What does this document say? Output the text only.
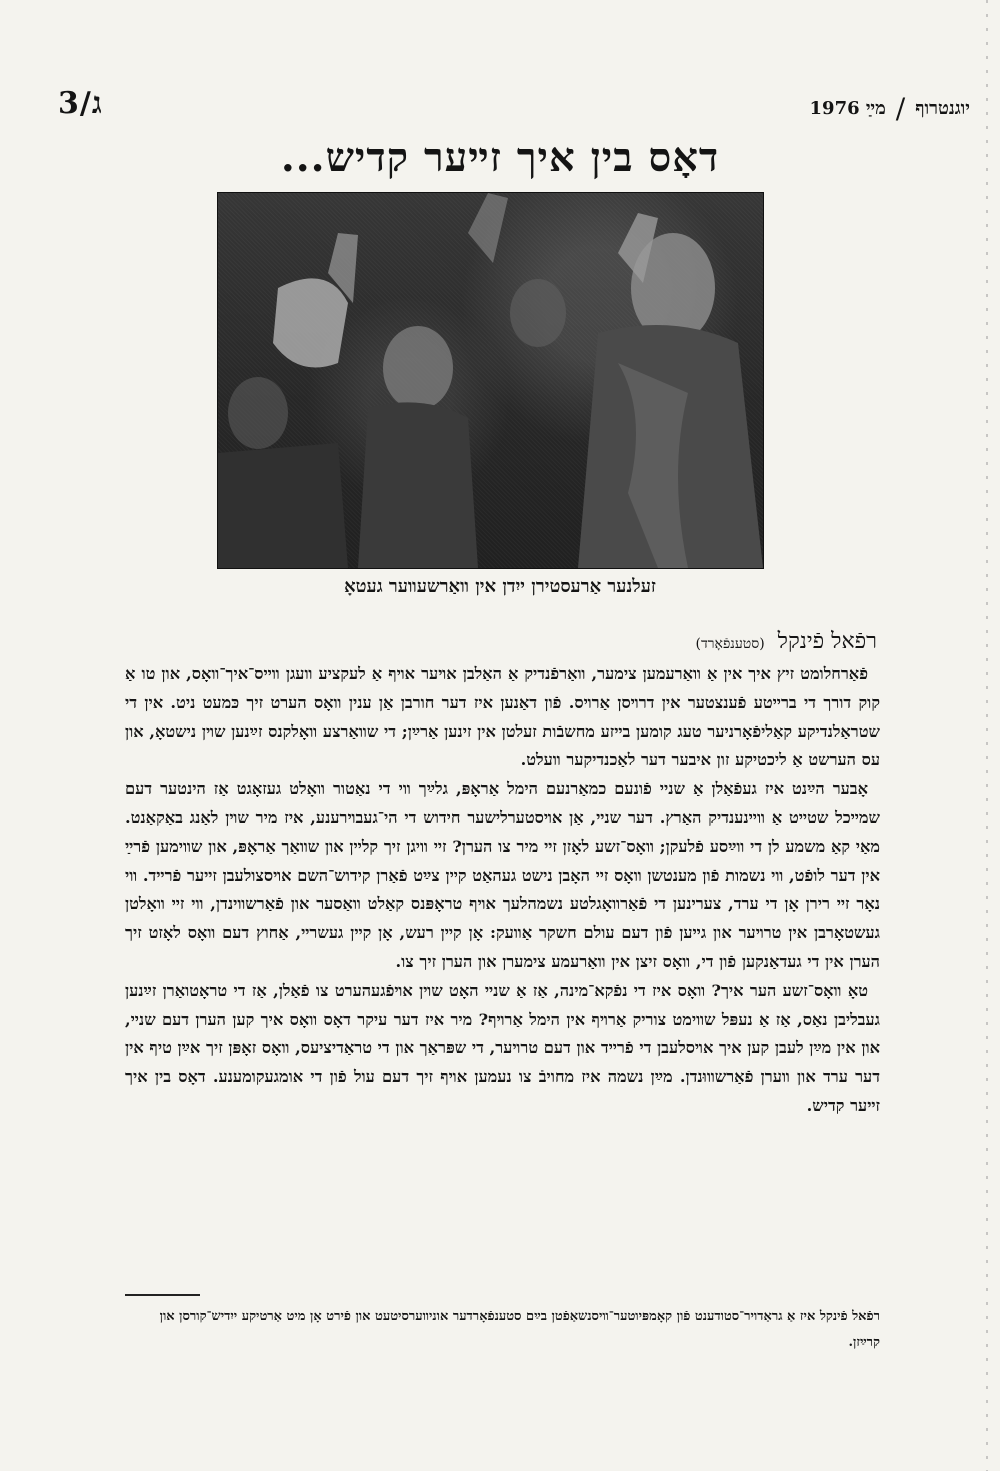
3/ג	יוגנטרוף
/
מײַ 1976
דאָס בין איך זײער קדיש...
זעלנער אַרעסטירן ייִדן אין װאַרשעװער געטאָ
רפֿאל פֿינקל (סטענפֿאָרד)

פֿאַרחלומט זיץ איך אין אַ װאַרעמען צימער, װאַרפֿנדיק אַ האַלבן אױער אױף אַ לעקציע װעגן װײס־איך־װאָס, און טו אַ קוק דורך די ברײטע פֿענצטער אין דרױסן אַרױס. פֿון דאַנען איז דער חורבן אַן ענין װאָס הערט זיך כּמעט ניט. אין די שטראַלנדיקע קאַליפֿאָרניער טעג קומען בײזע מחשבֿות זעלטן אין זינען אַרײַן; די שװאַרצע װאָלקנס זײַנען שױן נישטאָ, און עס הערשט אַ ליכטיקע זון איבער דער לאַכנדיקער װעלט.

אָבער הײַנט איז געפֿאַלן אַ שניי פֿונעם כמאַרנעם הימל אַראָפּ, גלײַך װי די נאַטור װאָלט געזאָגט אַז הינטער דעם שמײכל שטײט אַ װײנענדיק האַרץ. דער שנײ, אַן אױסטערלישער חידוש די הי־געבױרענע, איז מיר שױן לאַנג באַקאַנט. מאַי קאַ משמע לן די װײַסע פֿלעקן; װאָס־זשע לאָזן זײ מיר צו הערן? זײ װיגן זיך קלײן און שװאַך אַראָפּ, און שװימען פֿרײַ אין דער לופֿט, װי נשמות פֿון מענטשן װאָס זײ האָבן נישט געהאַט קײן צײַט פֿאַרן קידוש־השם אױסצולעבן זײער פֿרײד. װי נאָר זײ רירן אָן די ערד, צערינען די פֿאַרװאָגלטע נשמהלעך אױף טראָפּנס קאַלט װאַסער און פֿאַרשװינדן, װי זײ װאָלטן געשטאָרבן אין טרױער און גײען פֿון דעם עולם חשקר אַװעק: אָן קײן רעש, אָן קײן געשרײ, אַחוץ דעם װאָס לאָזט זיך הערן אין די געדאַנקען פֿון די, װאָס זיצן אין װאַרעמע צימערן און הערן זיך צו.

טאָ װאָס־זשע הער איך? װאָס איז די נפֿקא־מינה, אַז אַ שנײ האָט שױן אױפֿגעהערט צו פֿאַלן, אַז די טראָטואַרן זײַנען געבליבן נאַס, אַז אַ נעפּל שװימט צוריק אַרױף אין הימל אַרױף? מיר איז דער עיקר דאָס װאָס איך קען הערן דעם שנײ, און אין מײַן לעבן קען איך אױסלעבן די פֿרײד און דעם טרױער, די שפּראַך און די טראַדיציעס, װאָס זאָפּן זיך אײַן טיף אין דער ערד און װערן פֿאַרשװוּנדן. מײַן נשמה איז מחויבֿ צו נעמען אױף זיך דעם עול פֿון די אומגעקומענע. דאָס בין איך זײער קדיש.

רפֿאל פֿינקל איז אַ גראַדויר־סטודענט פֿון קאָמפּיוטער־װיסנשאַפֿטן בײַם סטענפֿאָרדער אוניװערסיטעט און פֿירט אָן מיט אַרטיקע ייִדיש־קורסן און קרײַזן.
